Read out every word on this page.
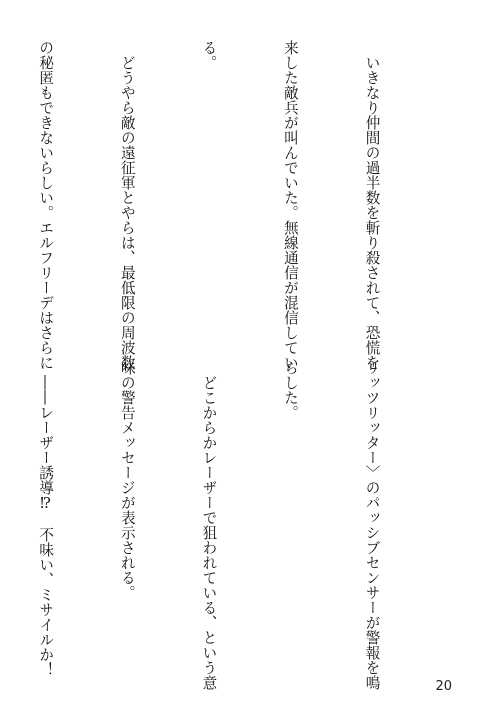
　いきなり仲間の過半数を斬り殺されて、恐慌を

来した敵兵が叫んでいた。無線通信が混信してい

る。

　どうやら敵の遠征軍とやらは、最低限の周波数

の秘匿もできないらしい。エルフリーデはさらに

リッツリッター〉のパッシブセンサーが警報を鳴

らした。

　どこからかレーザーで狙われている、という意

味の警告メッセージが表示される。

　――レーザー誘導⁉　不味い、ミサイルか！

20
